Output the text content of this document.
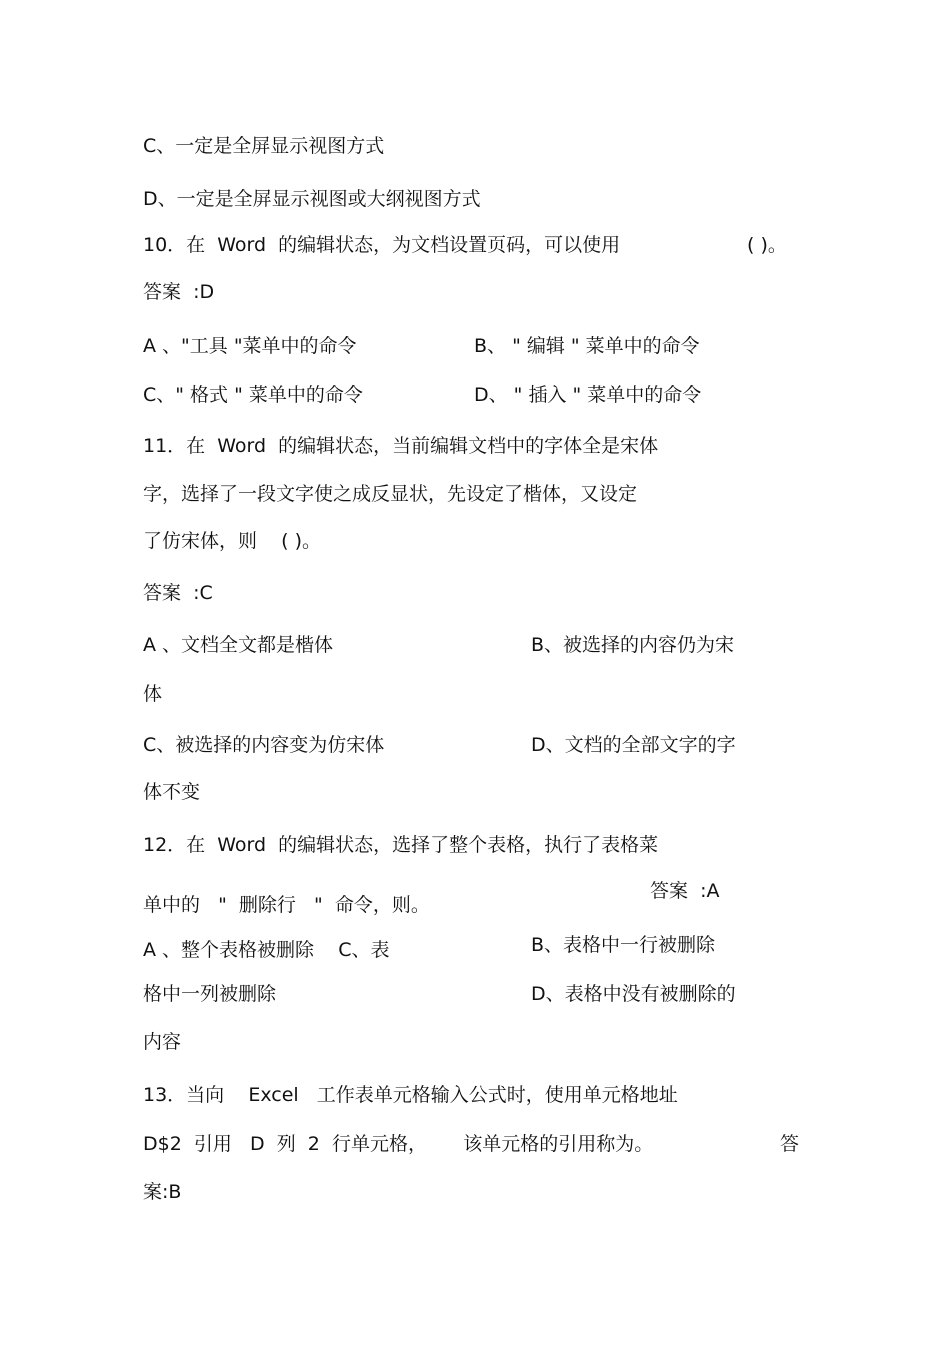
C、一定是全屏显示视图方式
D、一定是全屏显示视图或大纲视图方式
10．在  Word  的编辑状态，为文档设置页码，可以使用	( )。
答案  :D
A 、"工具 "菜单中的命令	B、 " 编辑 " 菜单中的命令
C、" 格式 " 菜单中的命令	D、 " 插入 " 菜单中的命令
11．在  Word  的编辑状态，当前编辑文档中的字体全是宋体
字，选择了一段文字使之成反显状，先设定了楷体，又设定
了仿宋体，则    ( )。
答案  :C
A 、文档全文都是楷体	B、被选择的内容仍为宋
体
C、被选择的内容变为仿宋体	D、文档的全部文字的字
体不变
12．在  Word  的编辑状态，选择了整个表格，执行了表格菜
答案  :A
单中的   "  删除行   "  命令，则。
A 、整个表格被删除    C、表	B、表格中一行被删除
格中一列被删除	D、表格中没有被删除的
内容
13．当向    Excel   工作表单元格输入公式时，使用单元格地址
D$2  引用   D  列  2  行单元格，      该单元格的引用称为。	答
案:B
